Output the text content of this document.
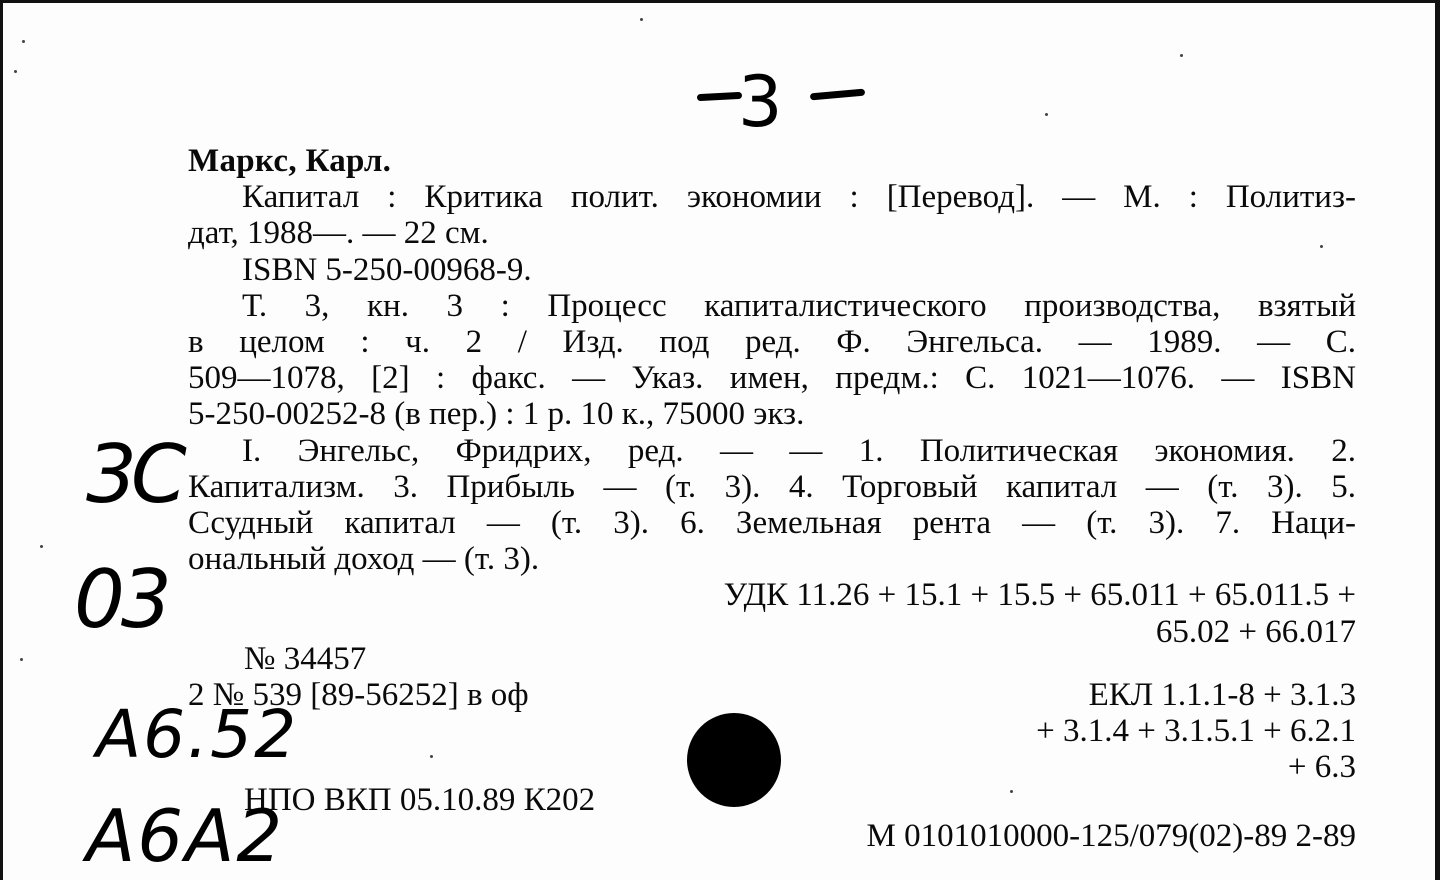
3
Маркс, Карл.
Капитал : Критика полит. экономии : [Перевод]. — М. : Политиз-
дат, 1988—. — 22 см.
ISBN 5-250-00968-9.
Т. 3, кн. 3 : Процесс капиталистического производства, взятый
в целом : ч. 2 / Изд. под ред. Ф. Энгельса. — 1989. — С.
509—1078, [2] : факс. — Указ. имен, предм.: С. 1021—1076. — ISBN
5-250-00252-8 (в пер.) : 1 р. 10 к., 75000 экз.
I. Энгельс, Фридрих, ред. — — 1. Политическая экономия. 2.
Капитализм. 3. Прибыль — (т. 3). 4. Торговый капитал — (т. 3). 5.
Ссудный капитал — (т. 3). 6. Земельная рента — (т. 3). 7. Наци-
ональный доход — (т. 3).
УДК 11.26 + 15.1 + 15.5 + 65.011 + 65.011.5 +
65.02 + 66.017
№ 34457
2 № 539 [89-56252] в оф	ЕКЛ 1.1.1-8 + 3.1.3
+ 3.1.4 + 3.1.5.1 + 6.2.1
+ 6.3
НПО ВКП 05.10.89 К202
М 0101010000-125/079(02)-89 2-89
3C
03
А6.52
А6А2
